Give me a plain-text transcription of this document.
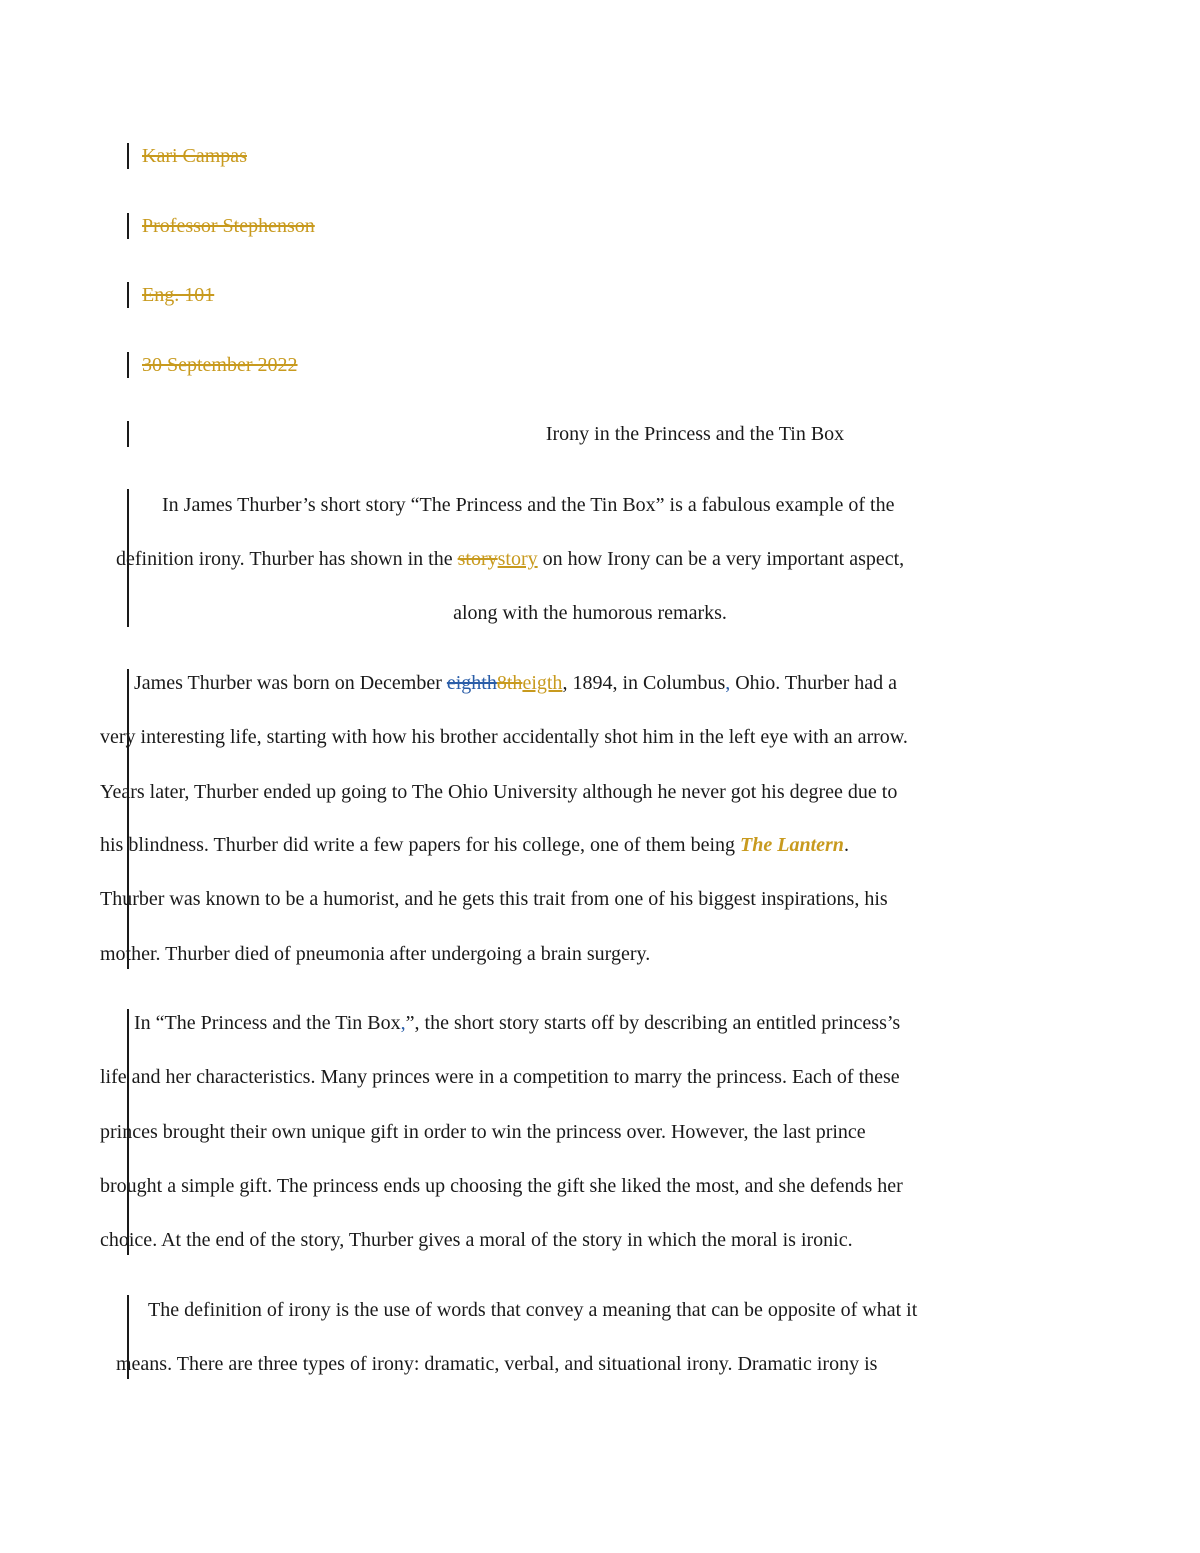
Kari Campas
Professor Stephenson
Eng. 101
30 September 2022
Irony in the Princess and the Tin Box
In James Thurber’s short story “The Princess and the Tin Box” is a fabulous example of the
definition irony. Thurber has shown in the storystory on how Irony can be a very important aspect,
along with the humorous remarks.
James Thurber was born on December eighth8theigth, 1894, in Columbus, Ohio. Thurber had a
very interesting life, starting with how his brother accidentally shot him in the left eye with an arrow.
Years later, Thurber ended up going to The Ohio University although he never got his degree due to
his blindness. Thurber did write a few papers for his college, one of them being The Lantern.
Thurber was known to be a humorist, and he gets this trait from one of his biggest inspirations, his
mother. Thurber died of pneumonia after undergoing a brain surgery.
In “The Princess and the Tin Box,”, the short story starts off by describing an entitled princess’s
life and her characteristics. Many princes were in a competition to marry the princess. Each of these
princes brought their own unique gift in order to win the princess over. However, the last prince
brought a simple gift. The princess ends up choosing the gift she liked the most, and she defends her
choice. At the end of the story, Thurber gives a moral of the story in which the moral is ironic.
The definition of irony is the use of words that convey a meaning that can be opposite of what it
means. There are three types of irony: dramatic, verbal, and situational irony. Dramatic irony is
